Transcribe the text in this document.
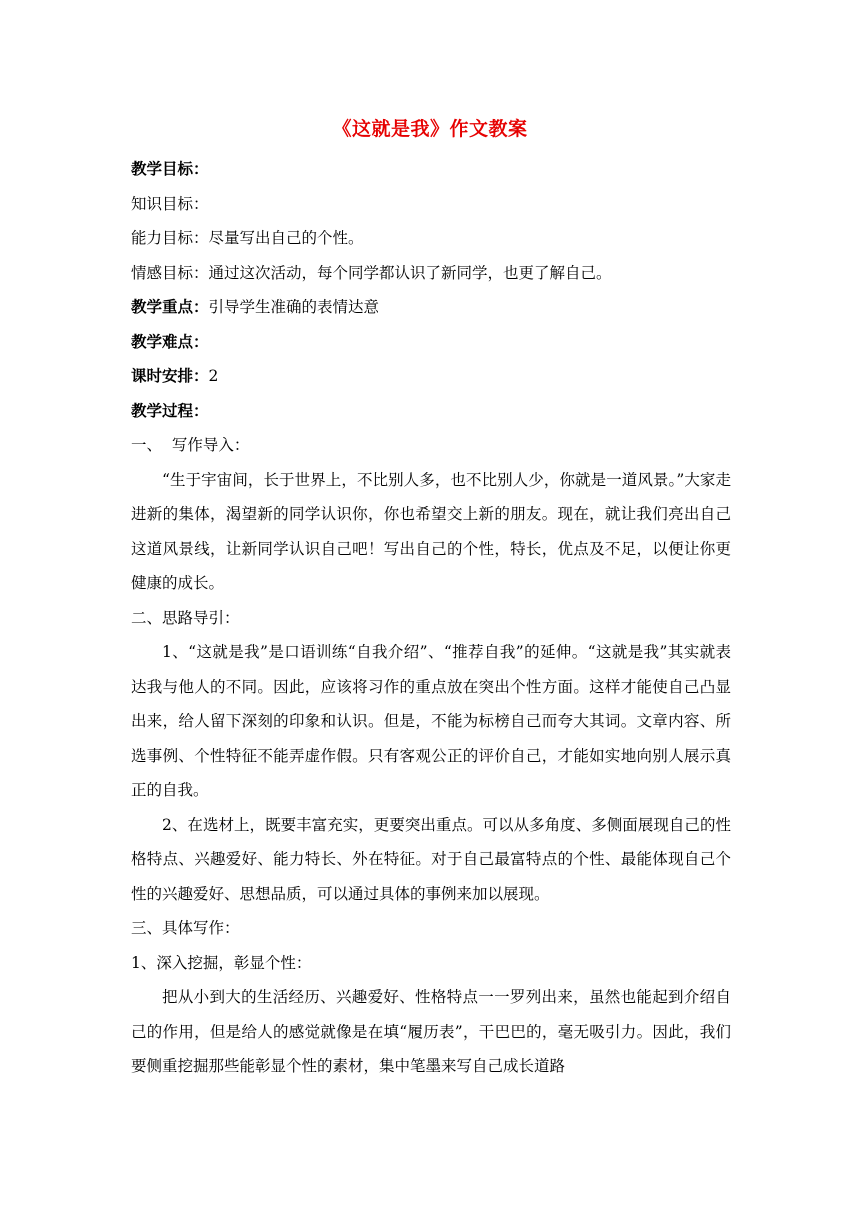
《这就是我》作文教案
教学目标：
知识目标：
能力目标：尽量写出自己的个性。
情感目标：通过这次活动，每个同学都认识了新同学，也更了解自己。
教学重点：引导学生准确的表情达意
教学难点：
课时安排：2
教学过程：
一、  写作导入：
“生于宇宙间，长于世界上，不比别人多，也不比别人少，你就是一道风景。”大家走进新的集体，渴望新的同学认识你，你也希望交上新的朋友。现在，就让我们亮出自己这道风景线，让新同学认识自己吧！写出自己的个性，特长，优点及不足，以便让你更健康的成长。
二、思路导引：
1、“这就是我”是口语训练“自我介绍”、“推荐自我”的延伸。“这就是我”其实就表达我与他人的不同。因此，应该将习作的重点放在突出个性方面。这样才能使自己凸显出来，给人留下深刻的印象和认识。但是，不能为标榜自己而夸大其词。文章内容、所选事例、个性特征不能弄虚作假。只有客观公正的评价自己，才能如实地向别人展示真正的自我。
2、在选材上，既要丰富充实，更要突出重点。可以从多角度、多侧面展现自己的性格特点、兴趣爱好、能力特长、外在特征。对于自己最富特点的个性、最能体现自己个性的兴趣爱好、思想品质，可以通过具体的事例来加以展现。
三、具体写作：
1、深入挖掘，彰显个性：
把从小到大的生活经历、兴趣爱好、性格特点一一罗列出来，虽然也能起到介绍自己的作用，但是给人的感觉就像是在填“履历表”，干巴巴的，毫无吸引力。因此，我们要侧重挖掘那些能彰显个性的素材，集中笔墨来写自己成长道路
